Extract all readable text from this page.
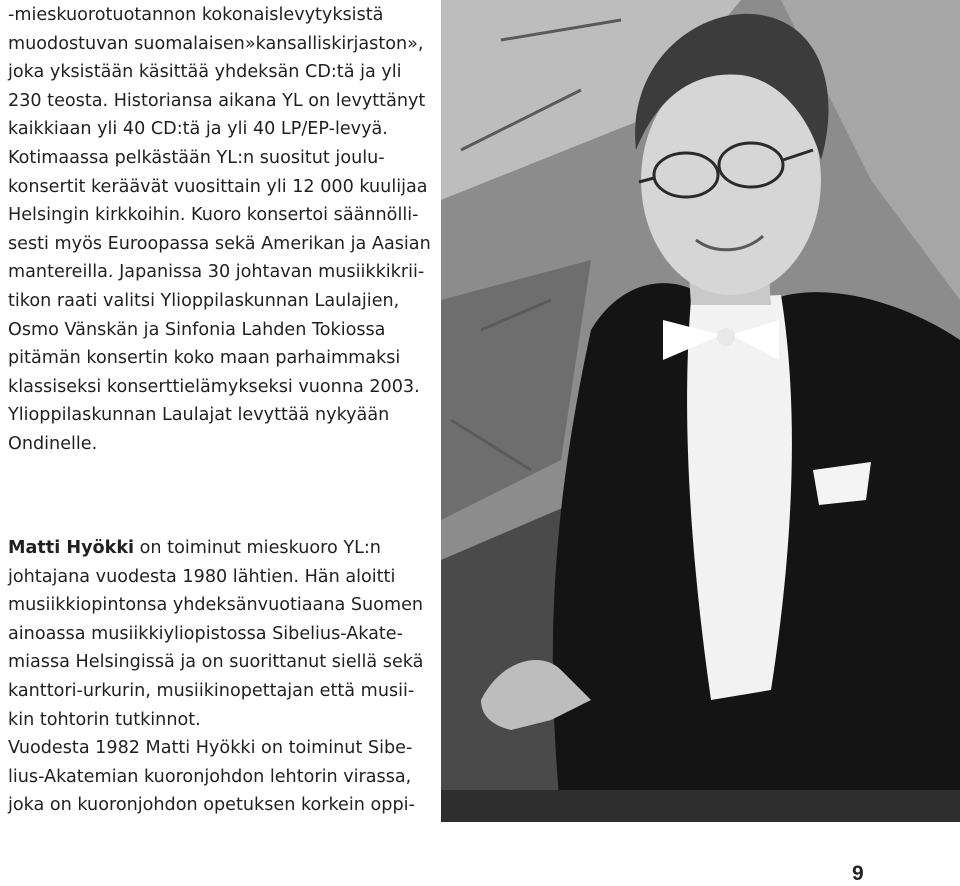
-mieskuorotuotannon kokonaislevytyksistä
muodostuvan suomalaisen»kansalliskirjaston»,
joka yksistään käsittää yhdeksän CD:tä ja yli
230 teosta. Historiansa aikana YL on levyttänyt
kaikkiaan yli 40 CD:tä ja yli 40 LP/EP-levyä.
Kotimaassa pelkästään YL:n suositut joulu-
konsertit keräävät vuosittain yli 12 000 kuulijaa
Helsingin kirkkoihin. Kuoro konsertoi säännölli-
sesti myös Euroopassa sekä Amerikan ja Aasian
mantereilla. Japanissa 30 johtavan musiikkikrii-
tikon raati valitsi Ylioppilaskunnan Laulajien,
Osmo Vänskän ja Sinfonia Lahden Tokiossa
pitämän konsertin koko maan parhaimmaksi
klassiseksi konserttielämykseksi vuonna 2003.
Ylioppilaskunnan Laulajat levyttää nykyään
Ondinelle.
Matti Hyökki on toiminut mieskuoro YL:n
johtajana vuodesta 1980 lähtien. Hän aloitti
musiikkiopintonsa yhdeksänvuotiaana Suomen
ainoassa musiikkiyliopistossa Sibelius-Akate-
miassa Helsingissä ja on suorittanut siellä sekä
kanttori-urkurin, musiikinopettajan että musii-
kin tohtorin tutkinnot.
Vuodesta 1982 Matti Hyökki on toiminut Sibe-
lius-Akatemian kuoronjohdon lehtorin virassa,
joka on kuoronjohdon opetuksen korkein oppi-
9
